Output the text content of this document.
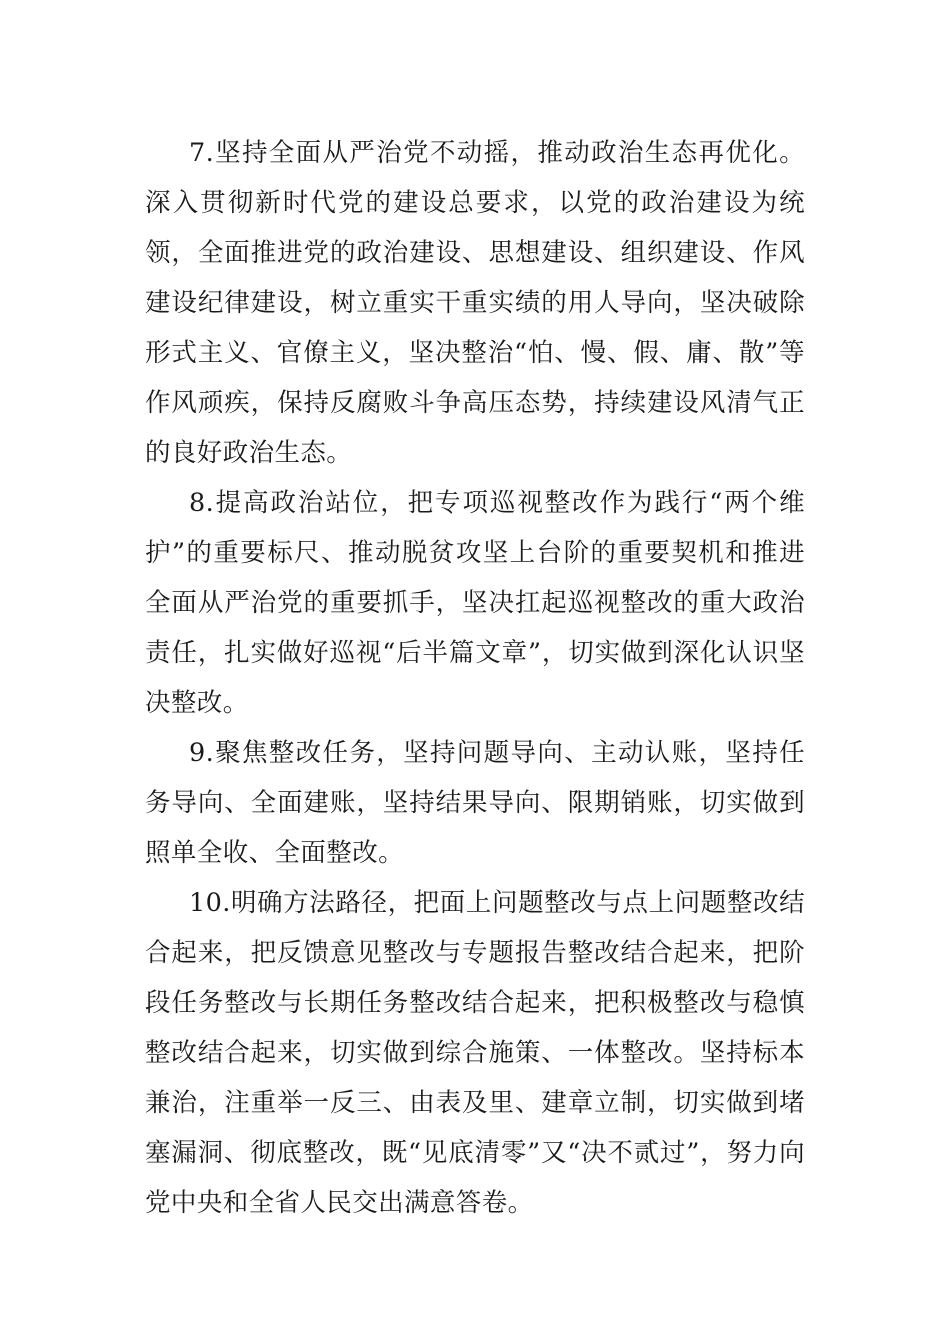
7.坚持全面从严治党不动摇，推动政治生态再优化。深入贯彻新时代党的建设总要求，以党的政治建设为统领，全面推进党的政治建设、思想建设、组织建设、作风建设纪律建设，树立重实干重实绩的用人导向，坚决破除形式主义、官僚主义，坚决整治“怕、慢、假、庸、散”等作风顽疾，保持反腐败斗争高压态势，持续建设风清气正的良好政治生态。

8.提高政治站位，把专项巡视整改作为践行“两个维护”的重要标尺、推动脱贫攻坚上台阶的重要契机和推进全面从严治党的重要抓手，坚决扛起巡视整改的重大政治责任，扎实做好巡视“后半篇文章”，切实做到深化认识坚决整改。

9.聚焦整改任务，坚持问题导向、主动认账，坚持任务导向、全面建账，坚持结果导向、限期销账，切实做到照单全收、全面整改。

10.明确方法路径，把面上问题整改与点上问题整改结合起来，把反馈意见整改与专题报告整改结合起来，把阶段任务整改与长期任务整改结合起来，把积极整改与稳慎整改结合起来，切实做到综合施策、一体整改。坚持标本兼治，注重举一反三、由表及里、建章立制，切实做到堵塞漏洞、彻底整改，既“见底清零”又“决不贰过”，努力向党中央和全省人民交出满意答卷。
